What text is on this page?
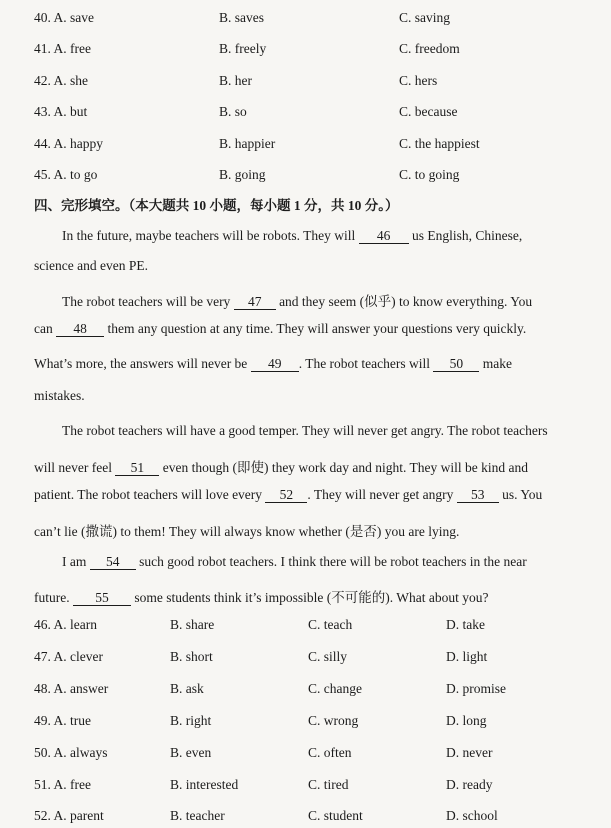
40. A. save	B. saves	C. saving
41. A. free	B. freely	C. freedom
42. A. she	B. her	C. hers
43. A. but	B. so	C. because
44. A. happy	B. happier	C. the happiest
45. A. to go	B. going	C. to going
四、完形填空。（本大题共 10 小题，每小题 1 分，共 10 分。）
In the future, maybe teachers will be robots. They will 46 us English, Chinese,
science and even PE.
The robot teachers will be very 47 and they seem (似乎) to know everything. You
can 48 them any question at any time. They will answer your questions very quickly.
What’s more, the answers will never be 49 . The robot teachers will 50 make
mistakes.
The robot teachers will have a good temper. They will never get angry. The robot teachers
will never feel 51 even though (即使) they work day and night. They will be kind and
patient. The robot teachers will love every 52 . They will never get angry 53 us. You
can’t lie (撒谎) to them! They will always know whether (是否) you are lying.
I am 54 such good robot teachers. I think there will be robot teachers in the near
future. 55 some students think it’s impossible (不可能的). What about you?
46. A. learn	B. share	C. teach	D. take
47. A. clever	B. short	C. silly	D. light
48. A. answer	B. ask	C. change	D. promise
49. A. true	B. right	C. wrong	D. long
50. A. always	B. even	C. often	D. never
51. A. free	B. interested	C. tired	D. ready
52. A. parent	B. teacher	C. student	D. school
